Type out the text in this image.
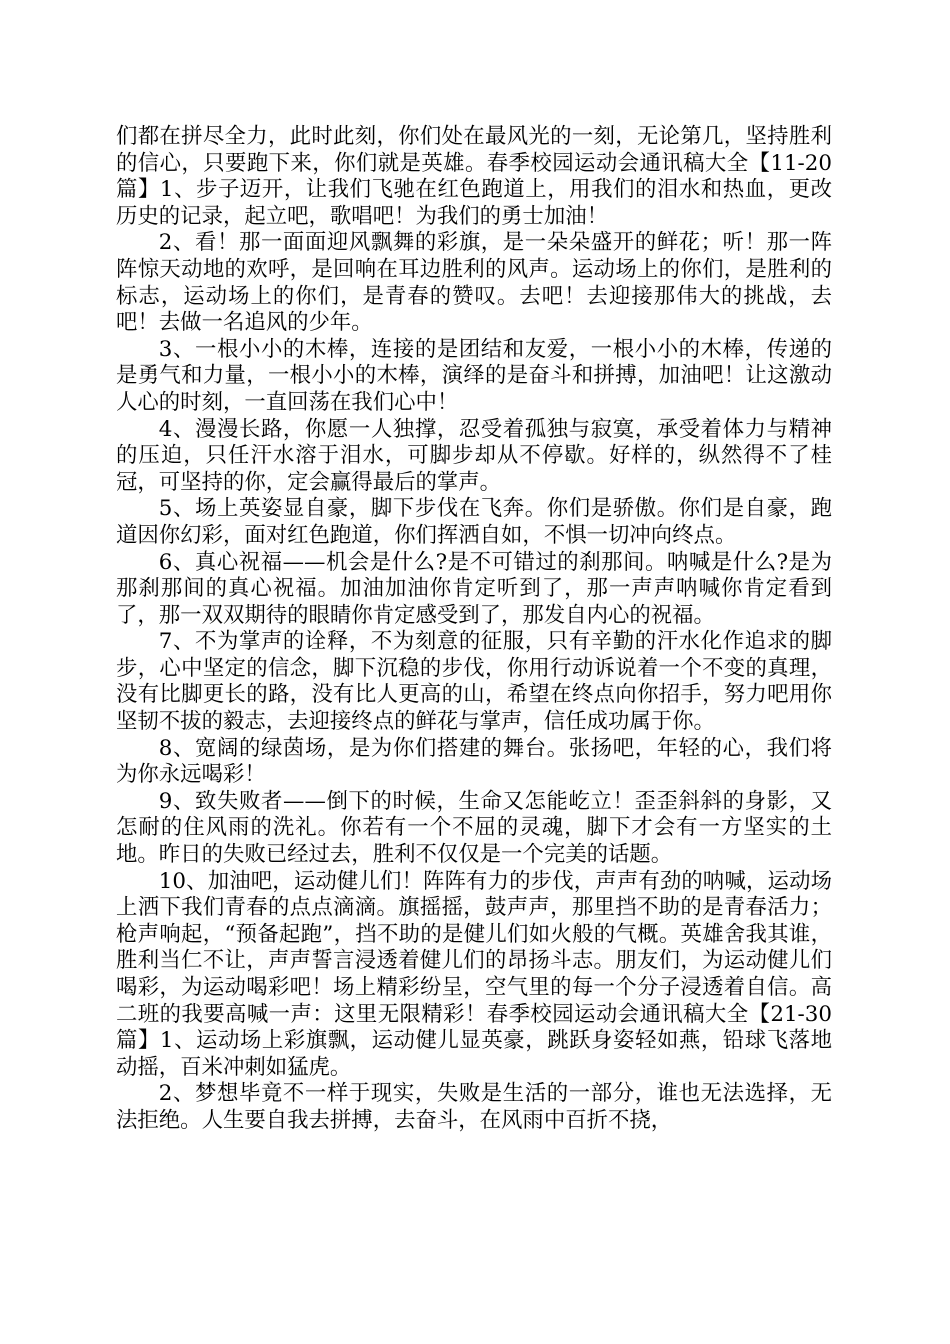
们都在拼尽全力，此时此刻，你们处在最风光的一刻，无论第几，坚持胜利的信心，只要跑下来，你们就是英雄。春季校园运动会通讯稿大全【11-20篇】1、步子迈开，让我们飞驰在红色跑道上，用我们的泪水和热血，更改历史的记录，起立吧，歌唱吧！为我们的勇士加油！

2、看！那一面面迎风飘舞的彩旗，是一朵朵盛开的鲜花；听！那一阵阵惊天动地的欢呼，是回响在耳边胜利的风声。运动场上的你们，是胜利的标志，运动场上的你们，是青春的赞叹。去吧！去迎接那伟大的挑战，去吧！去做一名追风的少年。

3、一根小小的木棒，连接的是团结和友爱，一根小小的木棒，传递的是勇气和力量，一根小小的木棒，演绎的是奋斗和拼搏，加油吧！让这激动人心的时刻，一直回荡在我们心中！

4、漫漫长路，你愿一人独撑，忍受着孤独与寂寞，承受着体力与精神的压迫，只任汗水溶于泪水，可脚步却从不停歇。好样的，纵然得不了桂冠，可坚持的你，定会赢得最后的掌声。

5、场上英姿显自豪，脚下步伐在飞奔。你们是骄傲。你们是自豪，跑道因你幻彩，面对红色跑道，你们挥洒自如，不惧一切冲向终点。

6、真心祝福——机会是什么?是不可错过的刹那间。呐喊是什么?是为那刹那间的真心祝福。加油加油你肯定听到了，那一声声呐喊你肯定看到了，那一双双期待的眼睛你肯定感受到了，那发自内心的祝福。

7、不为掌声的诠释，不为刻意的征服，只有辛勤的汗水化作追求的脚步，心中坚定的信念，脚下沉稳的步伐，你用行动诉说着一个不变的真理，没有比脚更长的路，没有比人更高的山，希望在终点向你招手，努力吧用你坚韧不拔的毅志，去迎接终点的鲜花与掌声，信任成功属于你。

8、宽阔的绿茵场，是为你们搭建的舞台。张扬吧，年轻的心，我们将为你永远喝彩！

9、致失败者——倒下的时候，生命又怎能屹立！歪歪斜斜的身影，又怎耐的住风雨的洗礼。你若有一个不屈的灵魂，脚下才会有一方坚实的土地。昨日的失败已经过去，胜利不仅仅是一个完美的话题。

10、加油吧，运动健儿们！阵阵有力的步伐，声声有劲的呐喊，运动场上洒下我们青春的点点滴滴。旗摇摇，鼓声声，那里挡不助的是青春活力；枪声响起，“预备起跑”，挡不助的是健儿们如火般的气概。英雄舍我其谁，胜利当仁不让，声声誓言浸透着健儿们的昂扬斗志。朋友们，为运动健儿们喝彩，为运动喝彩吧！场上精彩纷呈，空气里的每一个分子浸透着自信。高二班的我要高喊一声：这里无限精彩！春季校园运动会通讯稿大全【21-30篇】1、运动场上彩旗飘，运动健儿显英豪，跳跃身姿轻如燕，铅球飞落地动摇，百米冲刺如猛虎。

2、梦想毕竟不一样于现实，失败是生活的一部分，谁也无法选择，无法拒绝。人生要自我去拼搏，去奋斗，在风雨中百折不挠，
